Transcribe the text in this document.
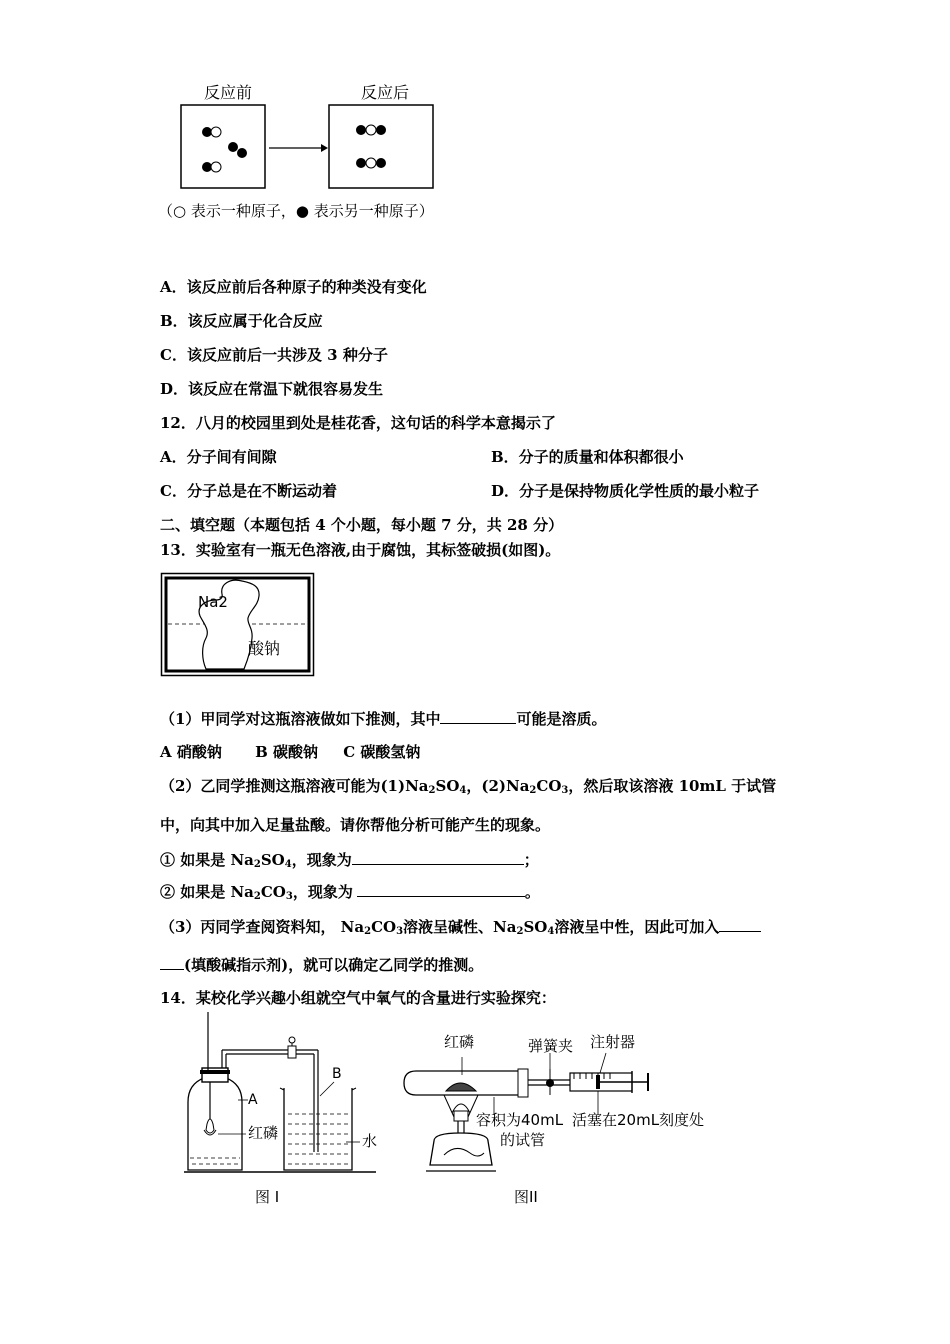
反应前	反应后
（○ 表示一种原子，● 表示另一种原子）
A．该反应前后各种原子的种类没有变化
B．该反应属于化合反应
C．该反应前后一共涉及 3 种分子
D．该反应在常温下就很容易发生
12．八月的校园里到处是桂花香，这句话的科学本意揭示了
A．分子间有间隙	B．分子的质量和体积都很小
C．分子总是在不断运动着	D．分子是保持物质化学性质的最小粒子
二、填空题（本题包括 4 个小题，每小题 7 分，共 28 分）
13．实验室有一瓶无色溶液,由于腐蚀，其标签破损(如图)。
Na2
酸钠
（1）甲同学对这瓶溶液做如下推测，其中	可能是溶质。
A 硝酸钠 B 碳酸钠 C 碳酸氢钠
（2）乙同学推测这瓶溶液可能为$(1)Na_2SO_4$，$(2)Na_2CO_3$，然后取该溶液 10mL 于试管
中，向其中加入足量盐酸。请你帮他分析可能产生的现象。
① 如果是 $Na_2SO_4$，现象为	；
② 如果是 $Na_2CO_3$，现象为	。
（3）丙同学查阅资料知， $Na_2CO_3$溶液呈碱性、$Na_2SO_4$溶液呈中性，因此可加入
(填酸碱指示剂)，就可以确定乙同学的推测。
14．某校化学兴趣小组就空气中氧气的含量进行实验探究：
A
B
红磷	水
图 I
红磷	弹簧夹 注射器
容积为40mL
的试管
活塞在20mL刻度处
图II
